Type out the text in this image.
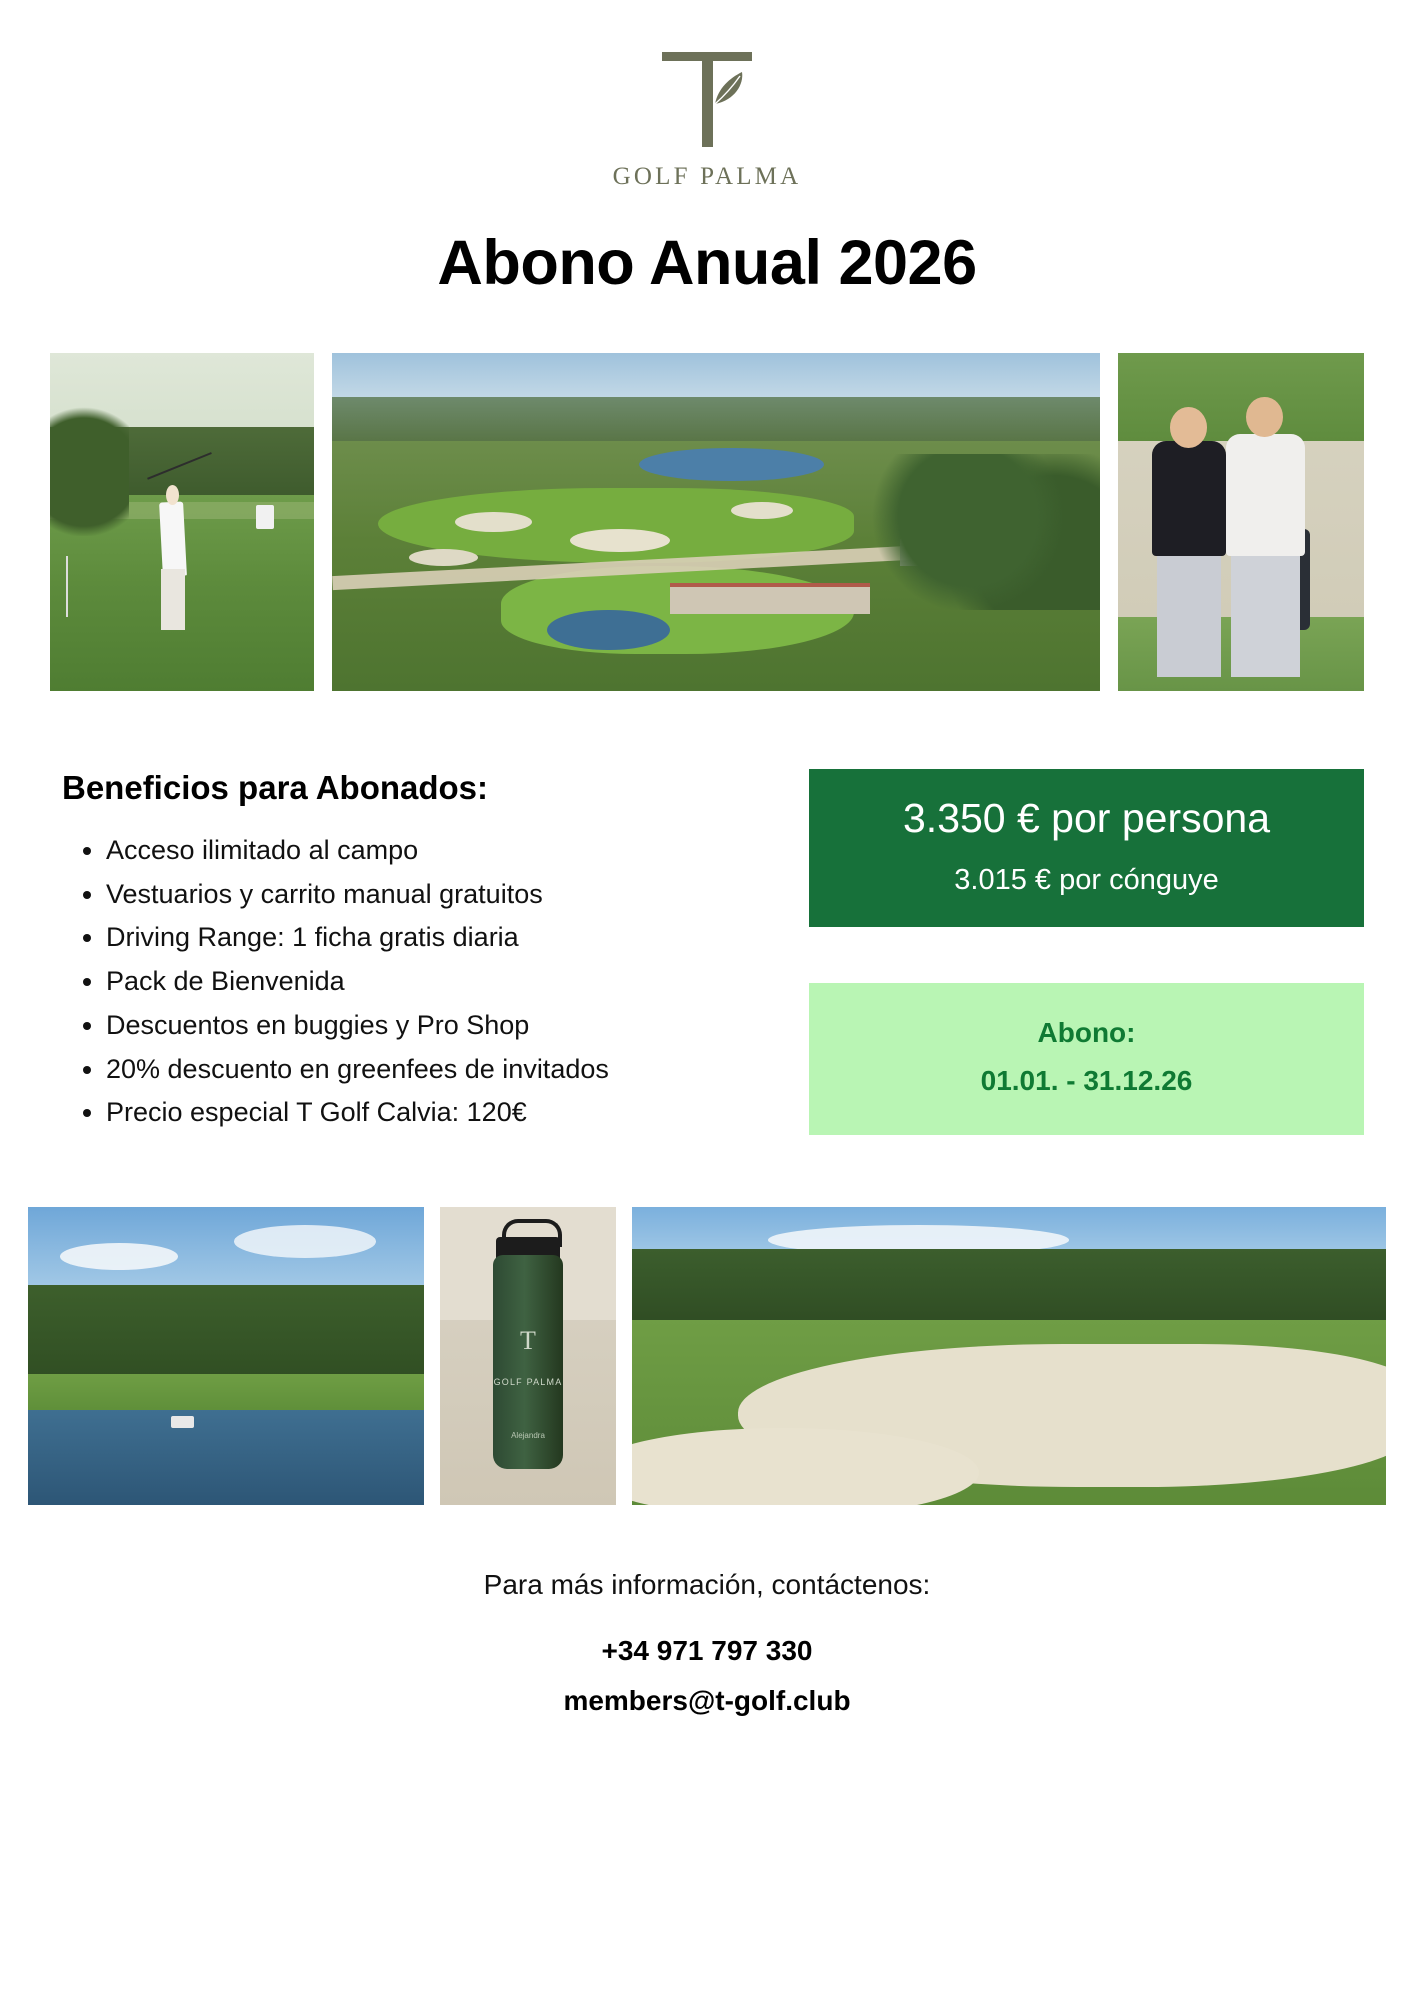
GOLF PALMA
Abono Anual 2026
Beneficios para Abonados:
• Acceso ilimitado al campo
• Vestuarios y carrito manual gratuitos
• Driving Range: 1 ficha gratis diaria
• Pack de Bienvenida
• Descuentos en buggies y Pro Shop
• 20% descuento en greenfees de invitados
• Precio especial T Golf Calvia: 120€
3.350 € por persona
3.015 € por cónguye
Abono:
01.01. - 31.12.26
T
GOLF PALMA
Alejandra
Para más información, contáctenos:
+34 971 797 330
members@t-golf.club
